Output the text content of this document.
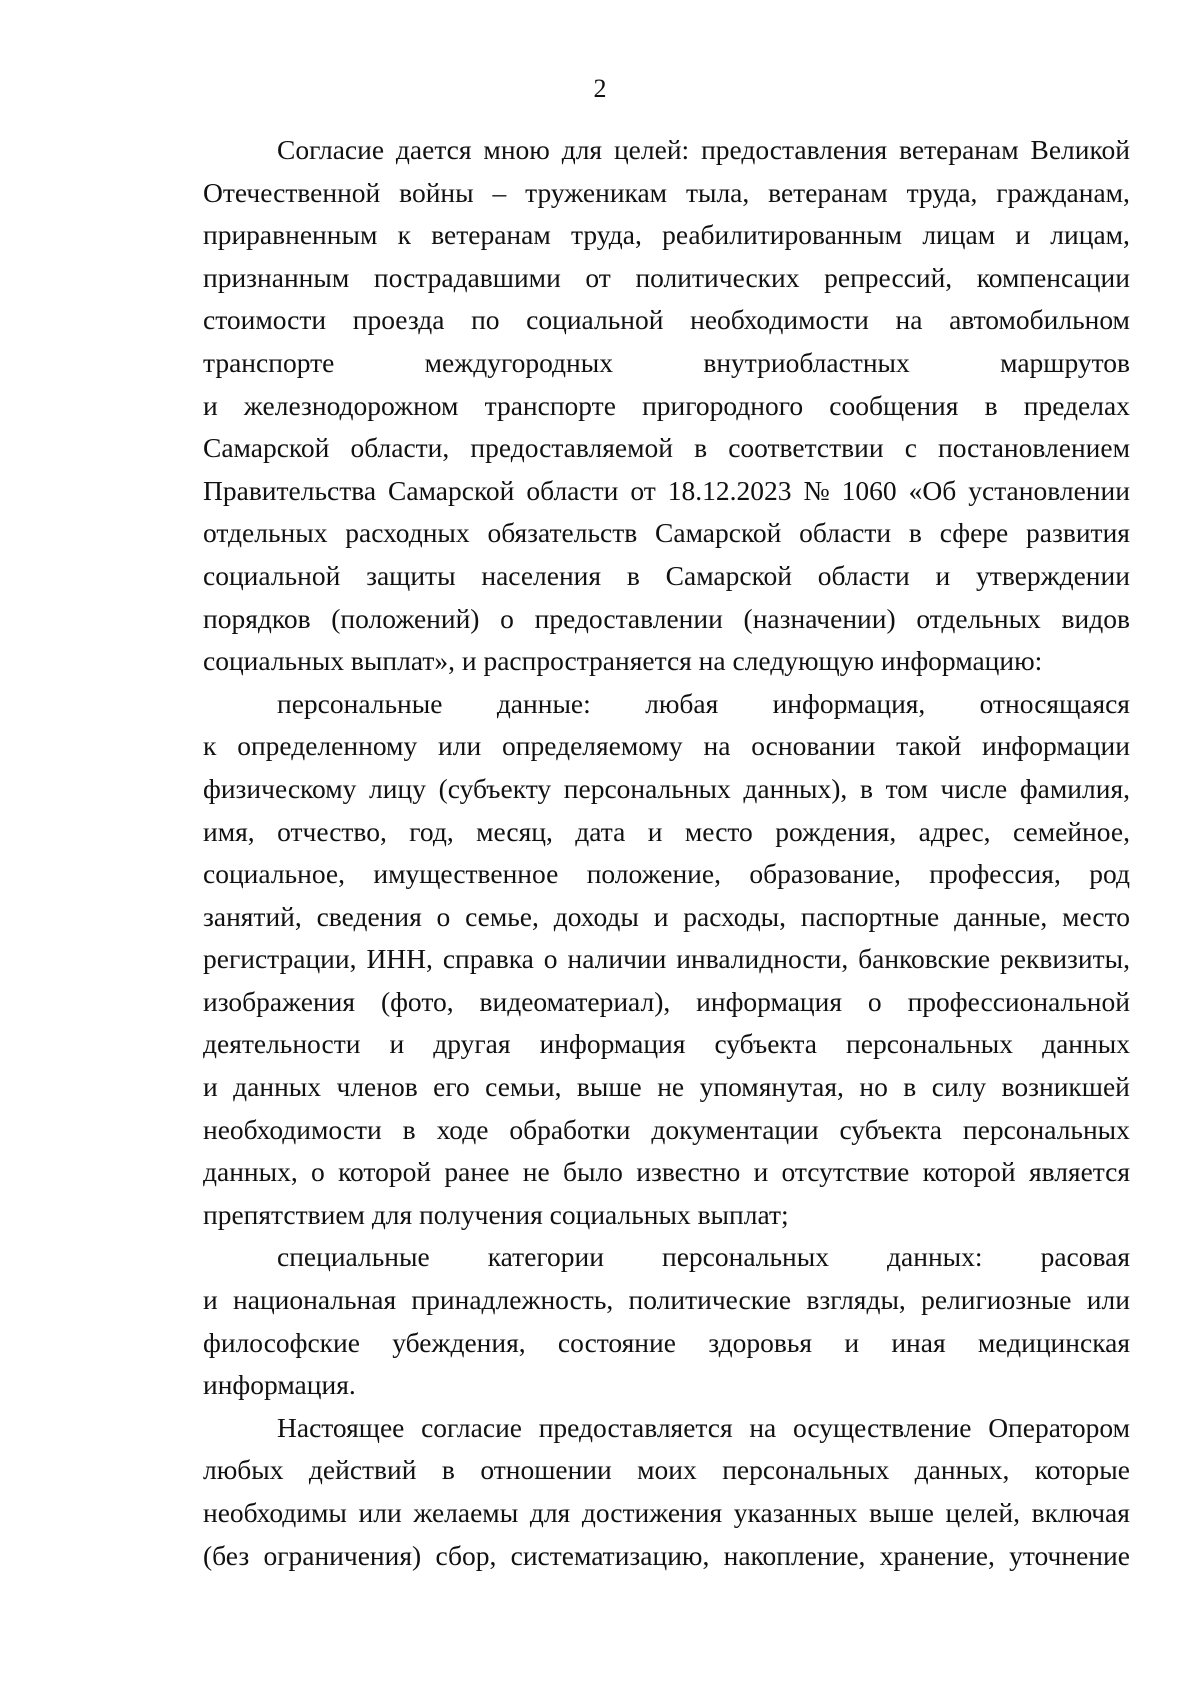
2
Согласие дается мною для целей: предоставления ветеранам Великой
Отечественной войны – труженикам тыла, ветеранам труда, гражданам,
приравненным к ветеранам труда, реабилитированным лицам и лицам,
признанным пострадавшими от политических репрессий, компенсации
стоимости проезда по социальной необходимости на автомобильном
транспорте	междугородных	внутриобластных	маршрутов
и железнодорожном транспорте пригородного сообщения в пределах
Самарской области, предоставляемой в соответствии с постановлением
Правительства Самарской области от 18.12.2023 № 1060 «Об установлении
отдельных расходных обязательств Самарской области в сфере развития
социальной защиты населения в Самарской области и утверждении
порядков (положений) о предоставлении (назначении) отдельных видов
социальных выплат», и распространяется на следующую информацию:
персональные данные: любая информация, относящаяся
к определенному или определяемому на основании такой информации
физическому лицу (субъекту персональных данных), в том числе фамилия,
имя, отчество, год, месяц, дата и место рождения, адрес, семейное,
социальное, имущественное положение, образование, профессия, род
занятий, сведения о семье, доходы и расходы, паспортные данные, место
регистрации, ИНН, справка о наличии инвалидности, банковские реквизиты,
изображения (фото, видеоматериал), информация о профессиональной
деятельности и другая информация субъекта персональных данных
и данных членов его семьи, выше не упомянутая, но в силу возникшей
необходимости в ходе обработки документации субъекта персональных
данных, о которой ранее не было известно и отсутствие которой является
препятствием для получения социальных выплат;
специальные категории персональных данных: расовая
и национальная принадлежность, политические взгляды, религиозные или
философские убеждения, состояние здоровья и иная медицинская
информация.
Настоящее согласие предоставляется на осуществление Оператором
любых действий в отношении моих персональных данных, которые
необходимы или желаемы для достижения указанных выше целей, включая
(без ограничения) сбор, систематизацию, накопление, хранение, уточнение
